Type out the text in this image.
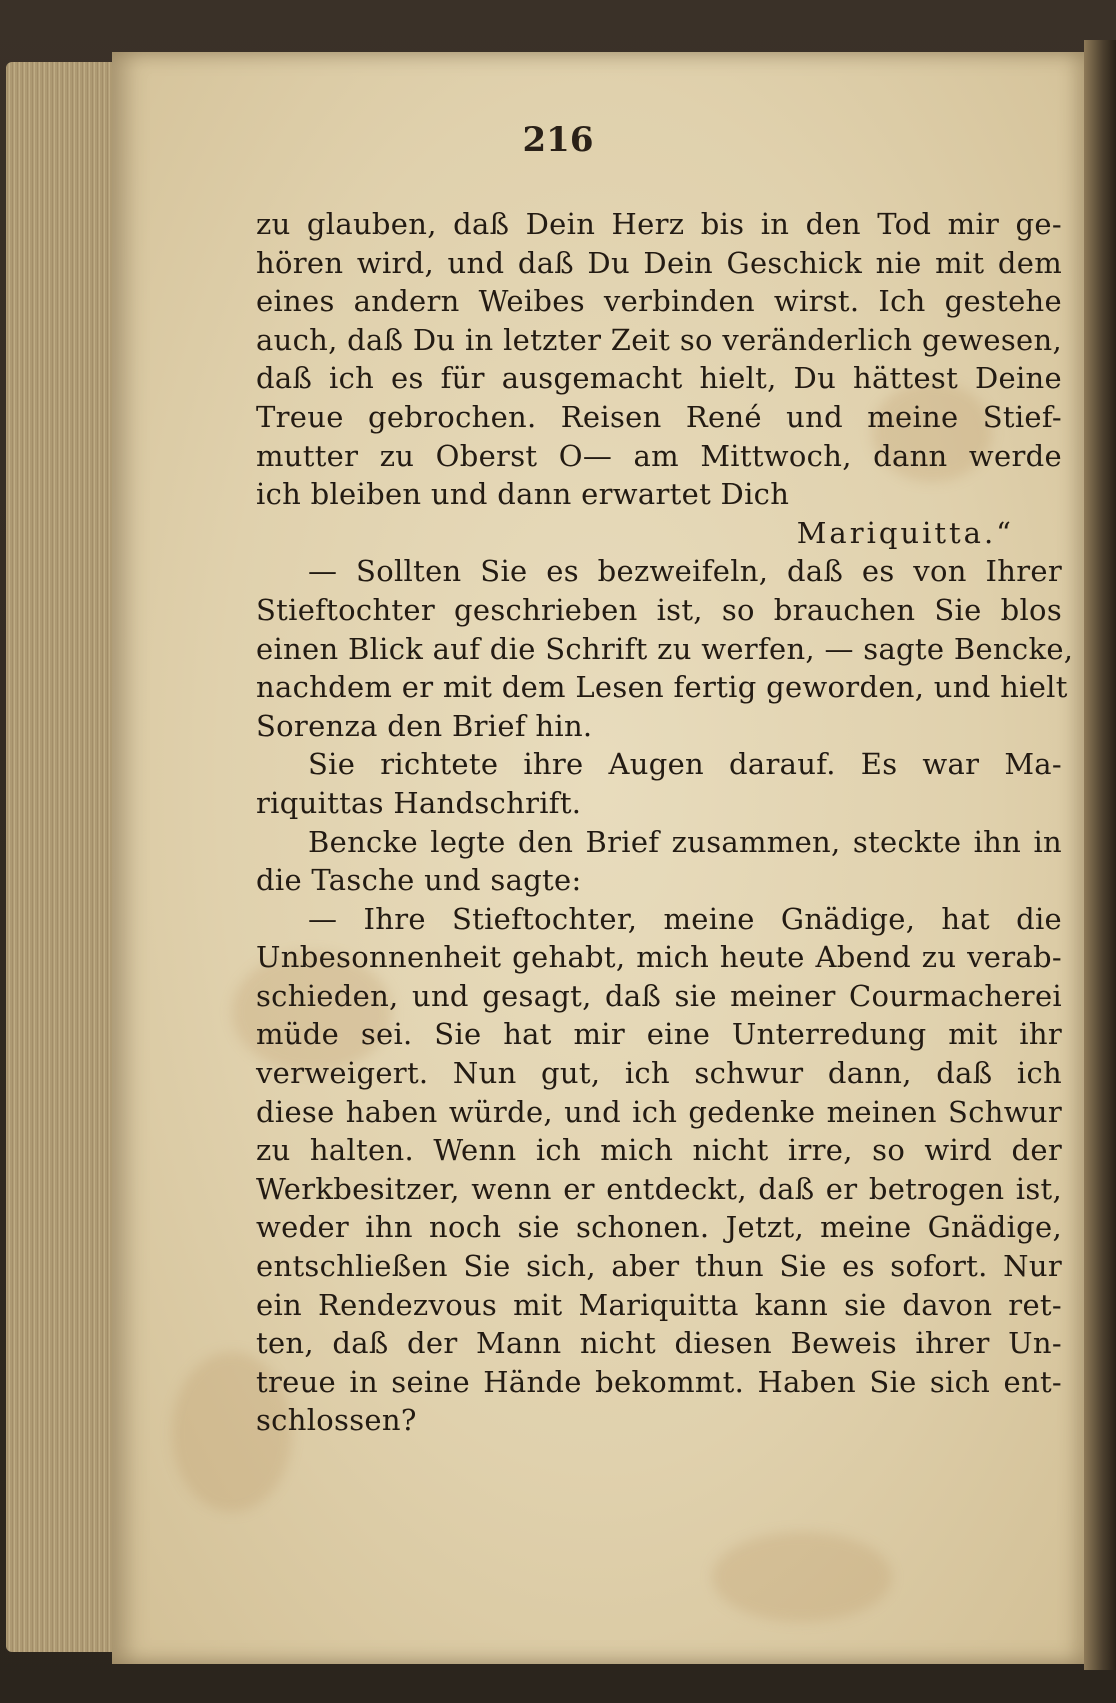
216
zu glauben, daß Dein Herz bis in den Tod mir ge-
hören wird, und daß Du Dein Geschick nie mit dem
eines andern Weibes verbinden wirst. Ich gestehe
auch, daß Du in letzter Zeit so veränderlich gewesen,
daß ich es für ausgemacht hielt, Du hättest Deine
Treue gebrochen. Reisen René und meine Stief-
mutter zu Oberst O— am Mittwoch, dann werde
ich bleiben und dann erwartet Dich
Mariquitta.“
— Sollten Sie es bezweifeln, daß es von Ihrer
Stieftochter geschrieben ist, so brauchen Sie blos
einen Blick auf die Schrift zu werfen, — sagte Bencke,
nachdem er mit dem Lesen fertig geworden, und hielt
Sorenza den Brief hin.
Sie richtete ihre Augen darauf. Es war Ma-
riquittas Handschrift.
Bencke legte den Brief zusammen, steckte ihn in
die Tasche und sagte:
— Ihre Stieftochter, meine Gnädige, hat die
Unbesonnenheit gehabt, mich heute Abend zu verab-
schieden, und gesagt, daß sie meiner Courmacherei
müde sei. Sie hat mir eine Unterredung mit ihr
verweigert. Nun gut, ich schwur dann, daß ich
diese haben würde, und ich gedenke meinen Schwur
zu halten. Wenn ich mich nicht irre, so wird der
Werkbesitzer, wenn er entdeckt, daß er betrogen ist,
weder ihn noch sie schonen. Jetzt, meine Gnädige,
entschließen Sie sich, aber thun Sie es sofort. Nur
ein Rendezvous mit Mariquitta kann sie davon ret-
ten, daß der Mann nicht diesen Beweis ihrer Un-
treue in seine Hände bekommt. Haben Sie sich ent-
schlossen?
